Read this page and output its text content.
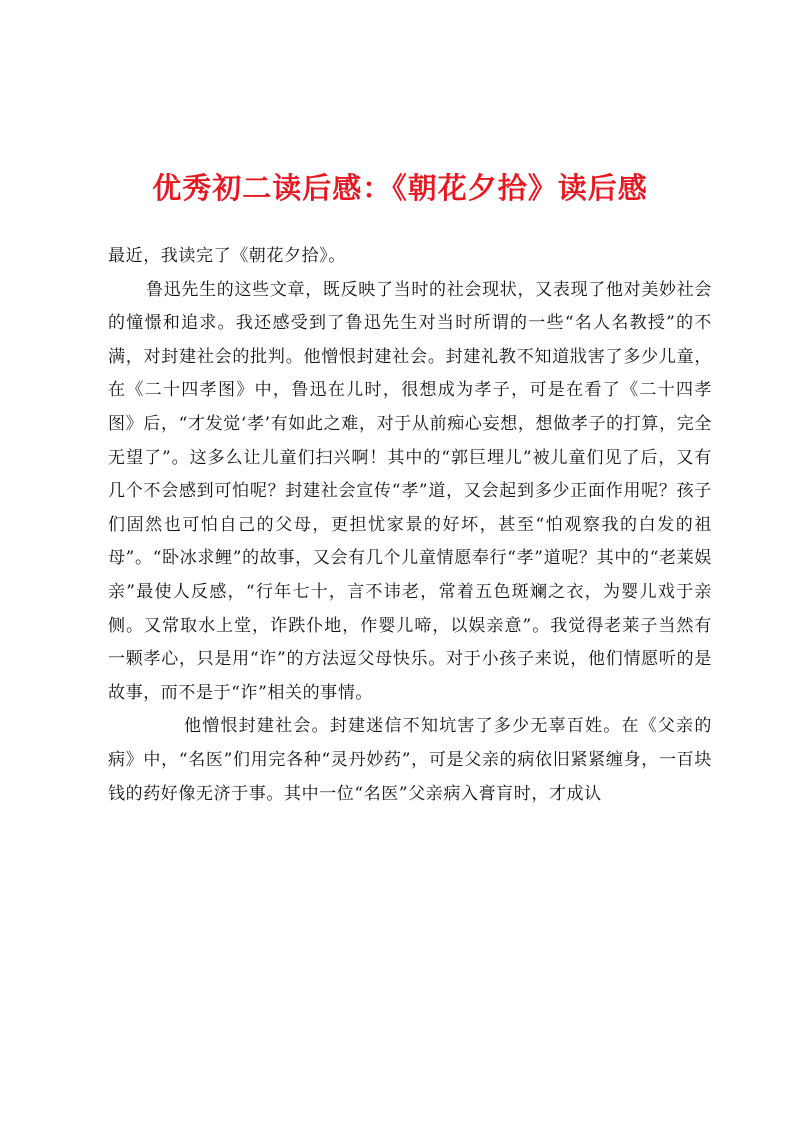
优秀初二读后感：《朝花夕拾》读后感

最近，我读完了《朝花夕拾》。

鲁迅先生的这些文章，既反映了当时的社会现状，又表现了他对美妙社会的憧憬和追求。我还感受到了鲁迅先生对当时所谓的一些“名人名教授”的不满，对封建社会的批判。他憎恨封建社会。封建礼教不知道戕害了多少儿童，在《二十四孝图》中，鲁迅在儿时，很想成为孝子，可是在看了《二十四孝图》后，“才发觉‘孝’有如此之难，对于从前痴心妄想，想做孝子的打算，完全无望了”。这多么让儿童们扫兴啊！其中的“郭巨埋儿”被儿童们见了后，又有几个不会感到可怕呢？封建社会宣传“孝”道，又会起到多少正面作用呢？孩子们固然也可怕自己的父母，更担忧家景的好坏，甚至“怕观察我的白发的祖母”。“卧冰求鲤”的故事，又会有几个儿童情愿奉行“孝”道呢？其中的“老莱娱亲”最使人反感，“行年七十，言不讳老，常着五色斑斓之衣，为婴儿戏于亲侧。又常取水上堂，诈跌仆地，作婴儿啼，以娱亲意”。我觉得老莱子当然有一颗孝心，只是用“诈”的方法逗父母快乐。对于小孩子来说，他们情愿听的是故事，而不是于“诈”相关的事情。

他憎恨封建社会。封建迷信不知坑害了多少无辜百姓。在《父亲的病》中，“名医”们用完各种“灵丹妙药”，可是父亲的病依旧紧紧缠身，一百块钱的药好像无济于事。其中一位“名医”父亲病入膏肓时，才成认
